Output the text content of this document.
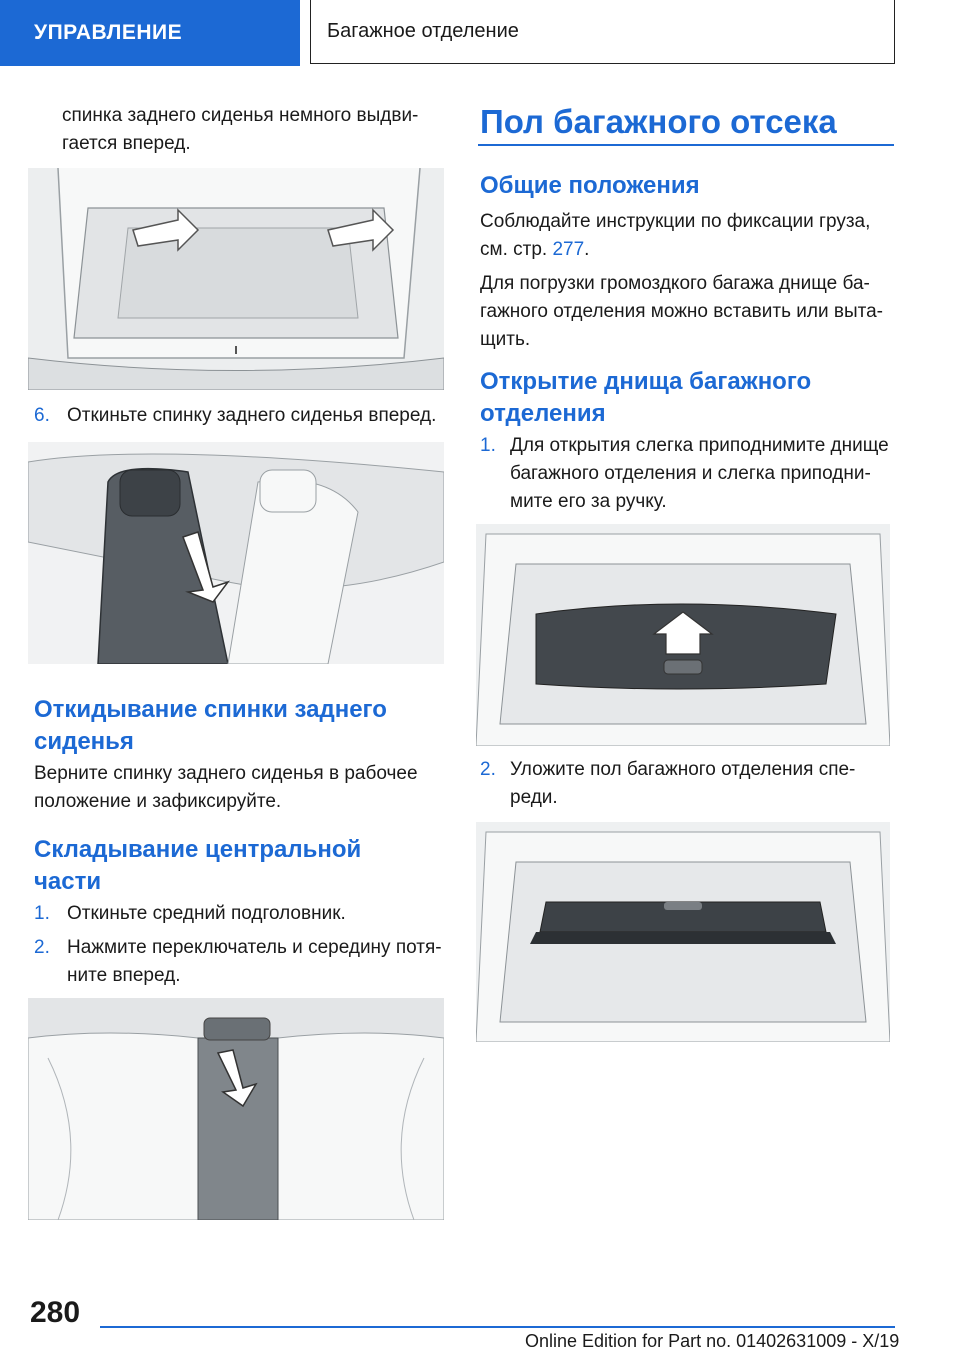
УПРАВЛЕНИЕ	Багажное отделение

спинка заднего сиденья немного выдви-

гается вперед.

6. Откиньте спинку заднего сиденья вперед.
Откидывание спинки заднего
сиденья

Верните спинку заднего сиденья в рабочее

положение и зафиксируйте.

Складывание центральной
части
1. Откиньте средний подголовник.
2. Нажмите переключатель и середину потя-
ните вперед.
Пол багажного отсека
Общие положения

Соблюдайте инструкции по фиксации груза,

см. стр. 277.

Для погрузки громоздкого багажа днище ба-
гажного отделения можно вставить или выта-
щить.

Открытие днища багажного
отделения
1. Для открытия слегка приподнимите днище
багажного отделения и слегка приподни-
мите его за ручку.
2. Уложите пол багажного отделения спе-
реди.
280
Online Edition for Part no. 01402631009 - X/19
